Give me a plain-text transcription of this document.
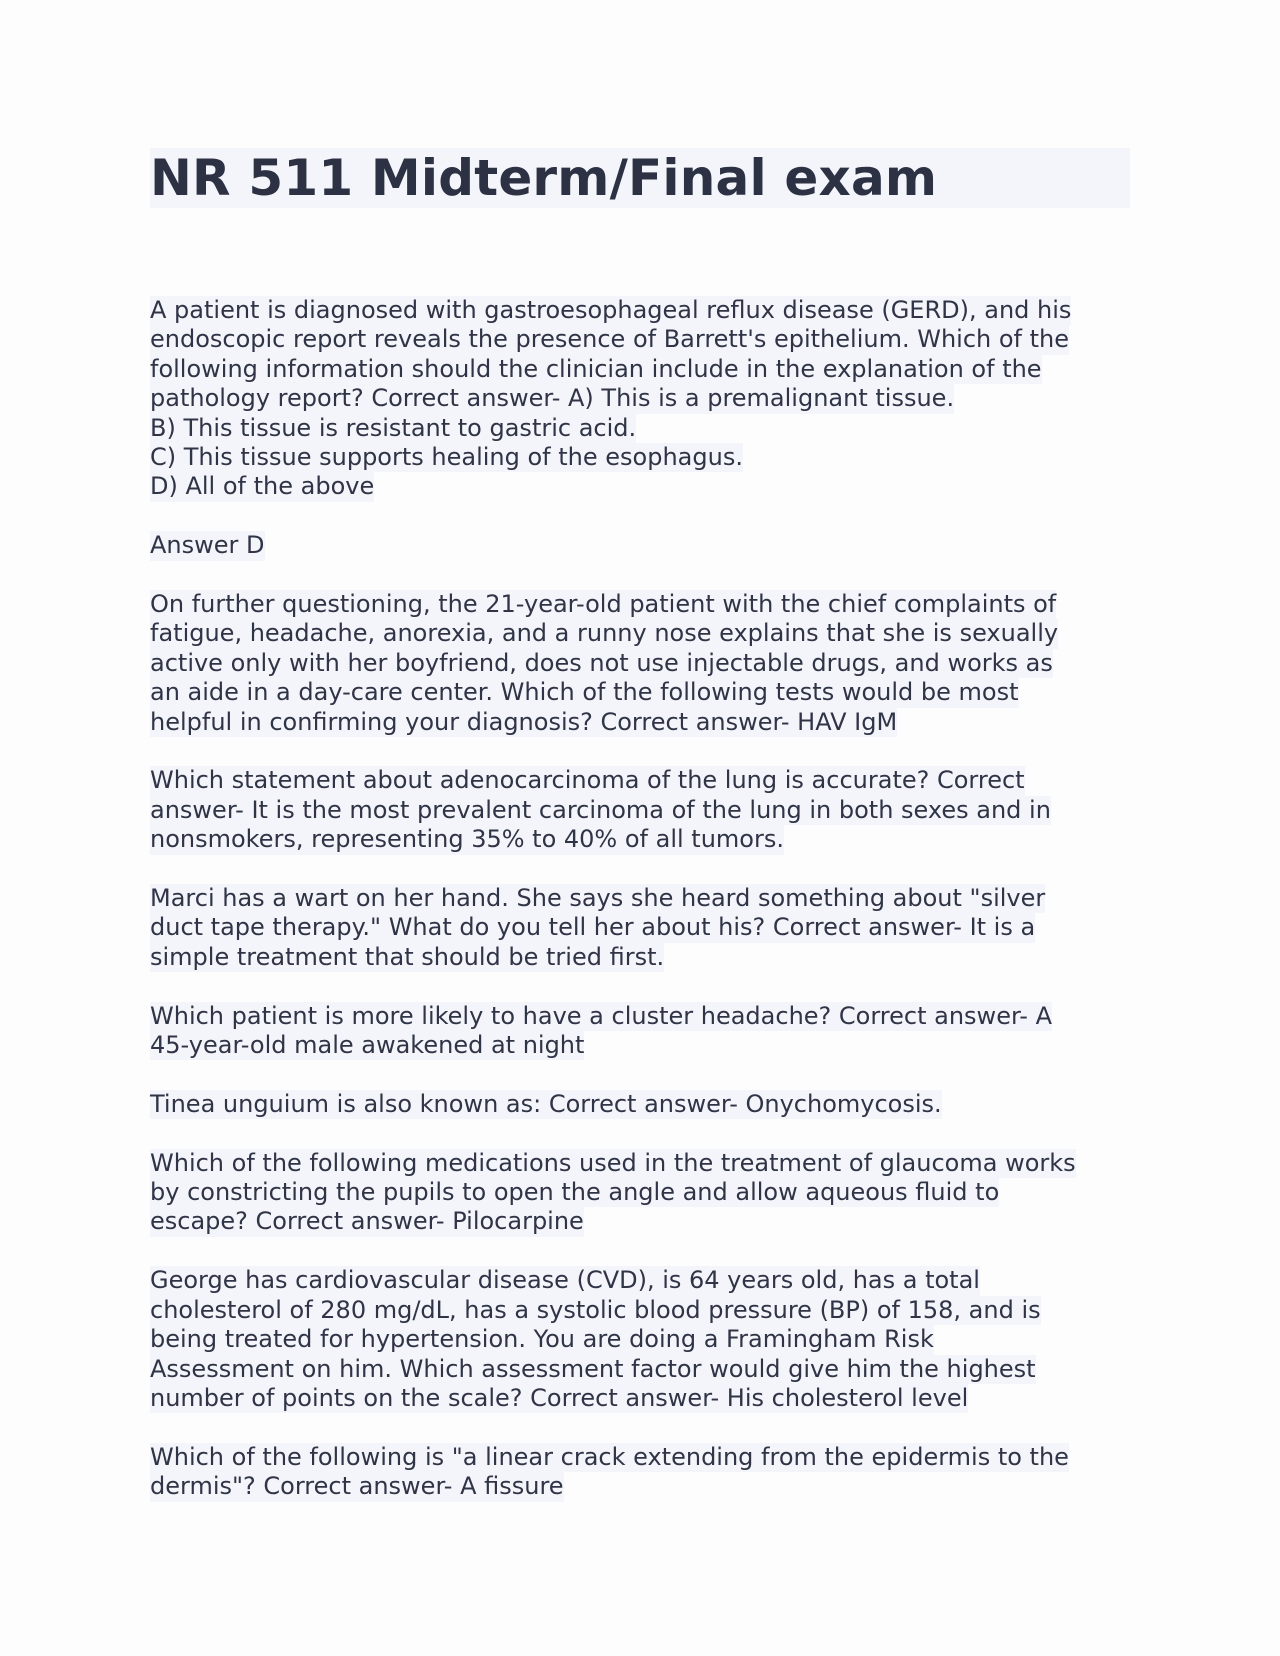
NR 511 Midterm/Final exam
A patient is diagnosed with gastroesophageal reflux disease (GERD), and his
endoscopic report reveals the presence of Barrett's epithelium. Which of the
following information should the clinician include in the explanation of the
pathology report? Correct answer- A) This is a premalignant tissue.
B) This tissue is resistant to gastric acid.
C) This tissue supports healing of the esophagus.
D) All of the above
Answer D
On further questioning, the 21-year-old patient with the chief complaints of
fatigue, headache, anorexia, and a runny nose explains that she is sexually
active only with her boyfriend, does not use injectable drugs, and works as
an aide in a day-care center. Which of the following tests would be most
helpful in confirming your diagnosis? Correct answer- HAV IgM
Which statement about adenocarcinoma of the lung is accurate? Correct
answer- It is the most prevalent carcinoma of the lung in both sexes and in
nonsmokers, representing 35% to 40% of all tumors.
Marci has a wart on her hand. She says she heard something about "silver
duct tape therapy." What do you tell her about his? Correct answer- It is a
simple treatment that should be tried first.
Which patient is more likely to have a cluster headache? Correct answer- A
45-year-old male awakened at night
Tinea unguium is also known as: Correct answer- Onychomycosis.
Which of the following medications used in the treatment of glaucoma works
by constricting the pupils to open the angle and allow aqueous fluid to
escape? Correct answer- Pilocarpine
George has cardiovascular disease (CVD), is 64 years old, has a total
cholesterol of 280 mg/dL, has a systolic blood pressure (BP) of 158, and is
being treated for hypertension. You are doing a Framingham Risk
Assessment on him. Which assessment factor would give him the highest
number of points on the scale? Correct answer- His cholesterol level
Which of the following is "a linear crack extending from the epidermis to the
dermis"? Correct answer- A fissure
